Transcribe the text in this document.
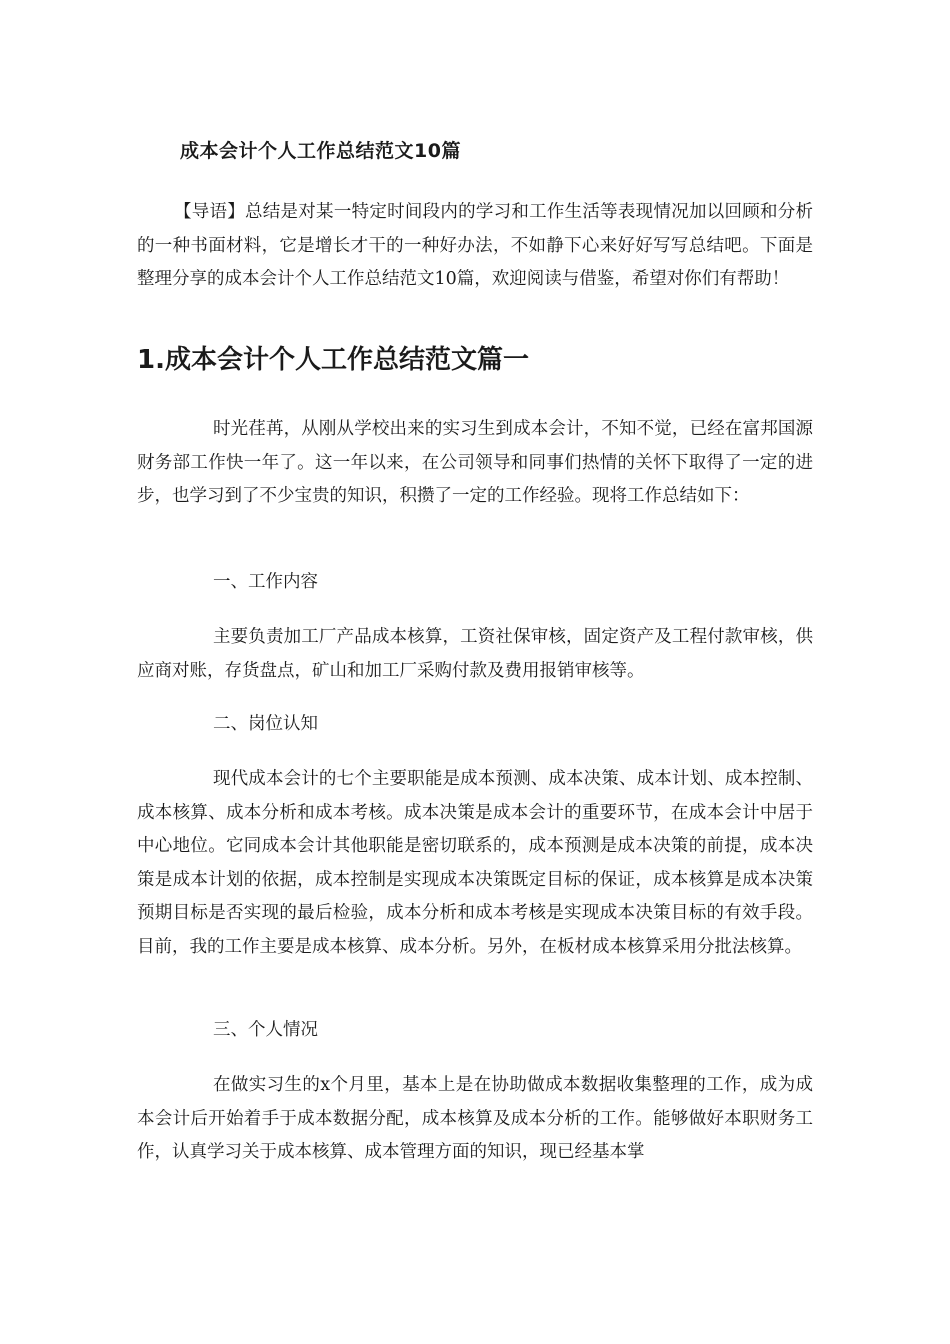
成本会计个人工作总结范文10篇

【导语】总结是对某一特定时间段内的学习和工作生活等表现情况加以回顾和分析的一种书面材料，它是增长才干的一种好办法，不如静下心来好好写写总结吧。下面是整理分享的成本会计个人工作总结范文10篇，欢迎阅读与借鉴，希望对你们有帮助！

1.成本会计个人工作总结范文篇一

时光荏苒，从刚从学校出来的实习生到成本会计，不知不觉，已经在富邦国源财务部工作快一年了。这一年以来，在公司领导和同事们热情的关怀下取得了一定的进步，也学习到了不少宝贵的知识，积攒了一定的工作经验。现将工作总结如下：

一、工作内容

主要负责加工厂产品成本核算，工资社保审核，固定资产及工程付款审核，供应商对账，存货盘点，矿山和加工厂采购付款及费用报销审核等。

二、岗位认知

现代成本会计的七个主要职能是成本预测、成本决策、成本计划、成本控制、成本核算、成本分析和成本考核。成本决策是成本会计的重要环节，在成本会计中居于中心地位。它同成本会计其他职能是密切联系的，成本预测是成本决策的前提，成本决策是成本计划的依据，成本控制是实现成本决策既定目标的保证，成本核算是成本决策预期目标是否实现的最后检验，成本分析和成本考核是实现成本决策目标的有效手段。目前，我的工作主要是成本核算、成本分析。另外，在板材成本核算采用分批法核算。

三、个人情况

在做实习生的x个月里，基本上是在协助做成本数据收集整理的工作，成为成本会计后开始着手于成本数据分配，成本核算及成本分析的工作。能够做好本职财务工作，认真学习关于成本核算、成本管理方面的知识，现已经基本掌
